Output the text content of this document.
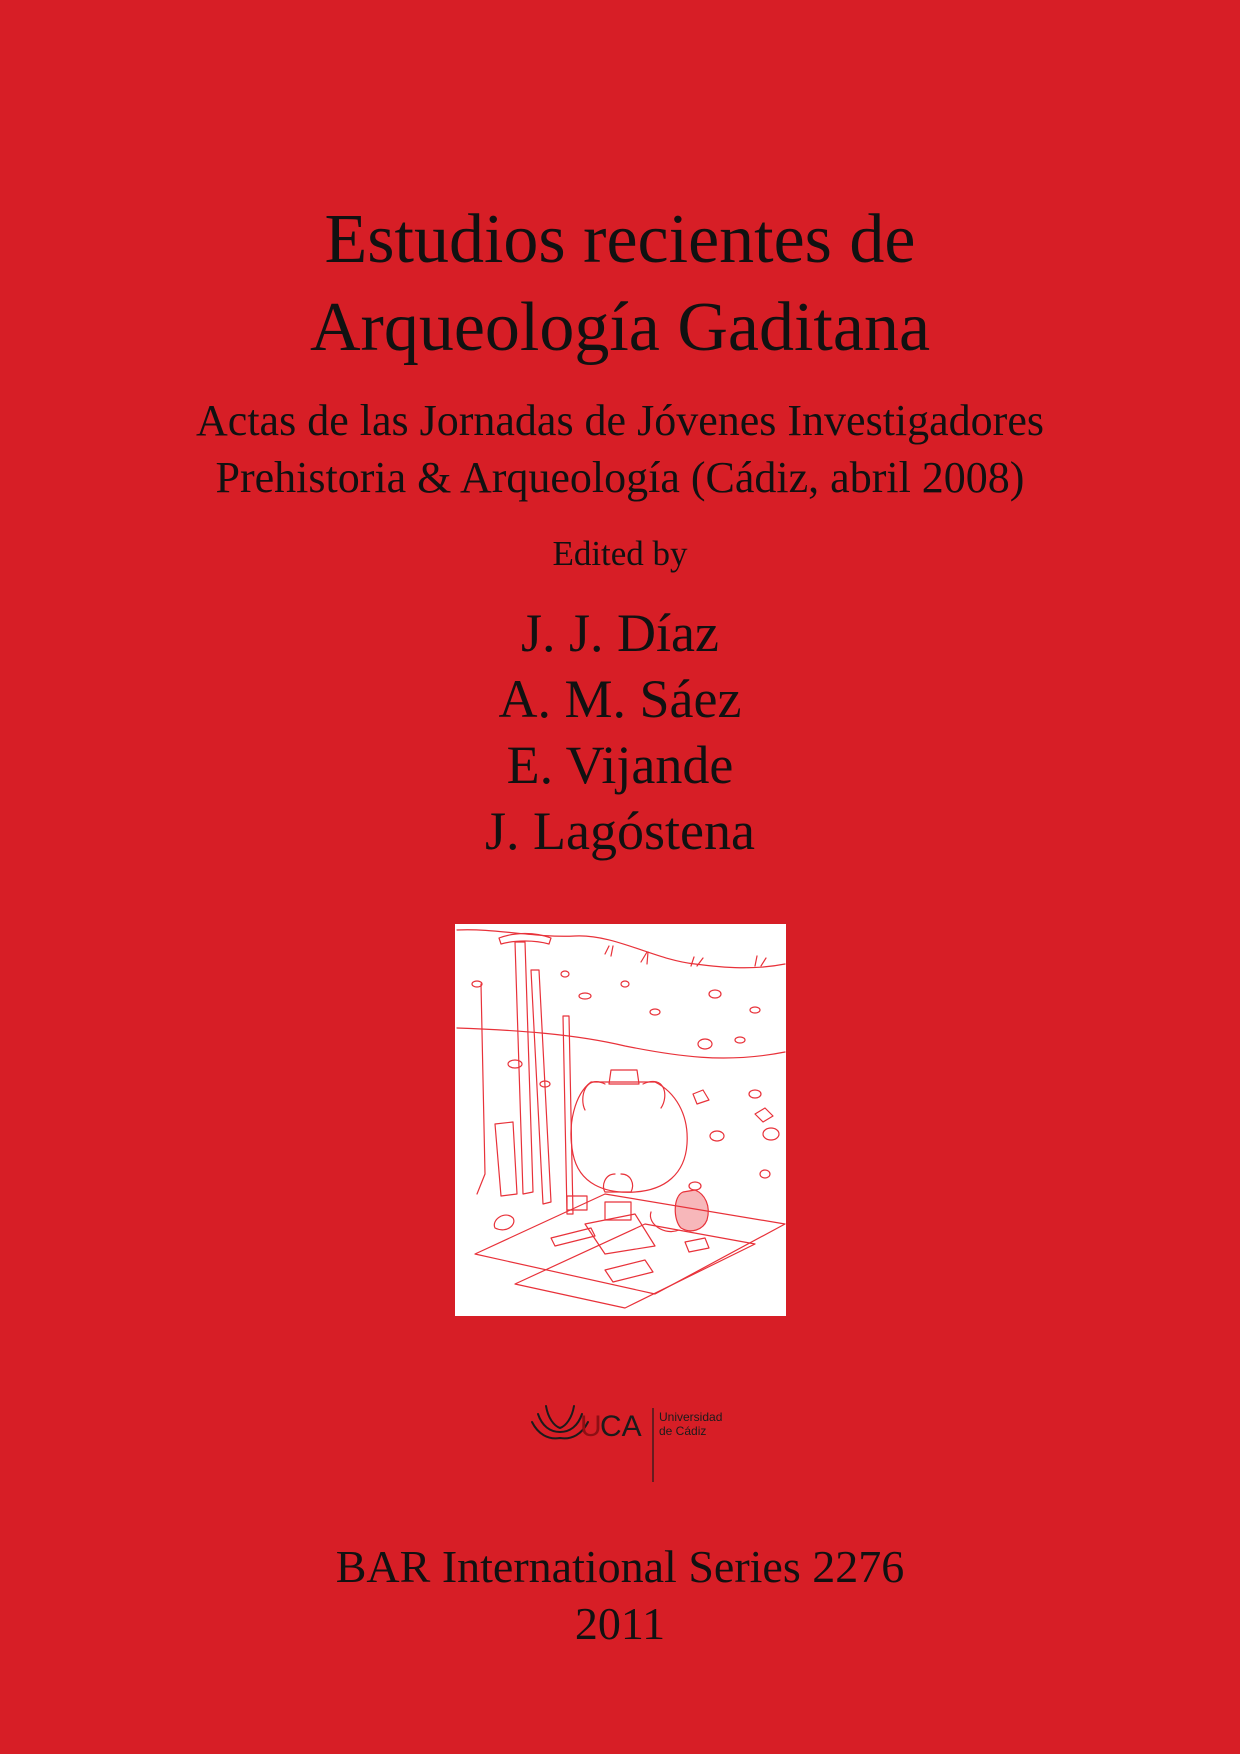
Estudios recientes de
Arqueología Gaditana
Actas de las Jornadas de Jóvenes Investigadores
Prehistoria & Arqueología (Cádiz, abril 2008)
Edited by
J. J. Díaz
A. M. Sáez
E. Vijande
J. Lagóstena
U
CA Universidad
de Cádiz
BAR International Series 2276
2011
